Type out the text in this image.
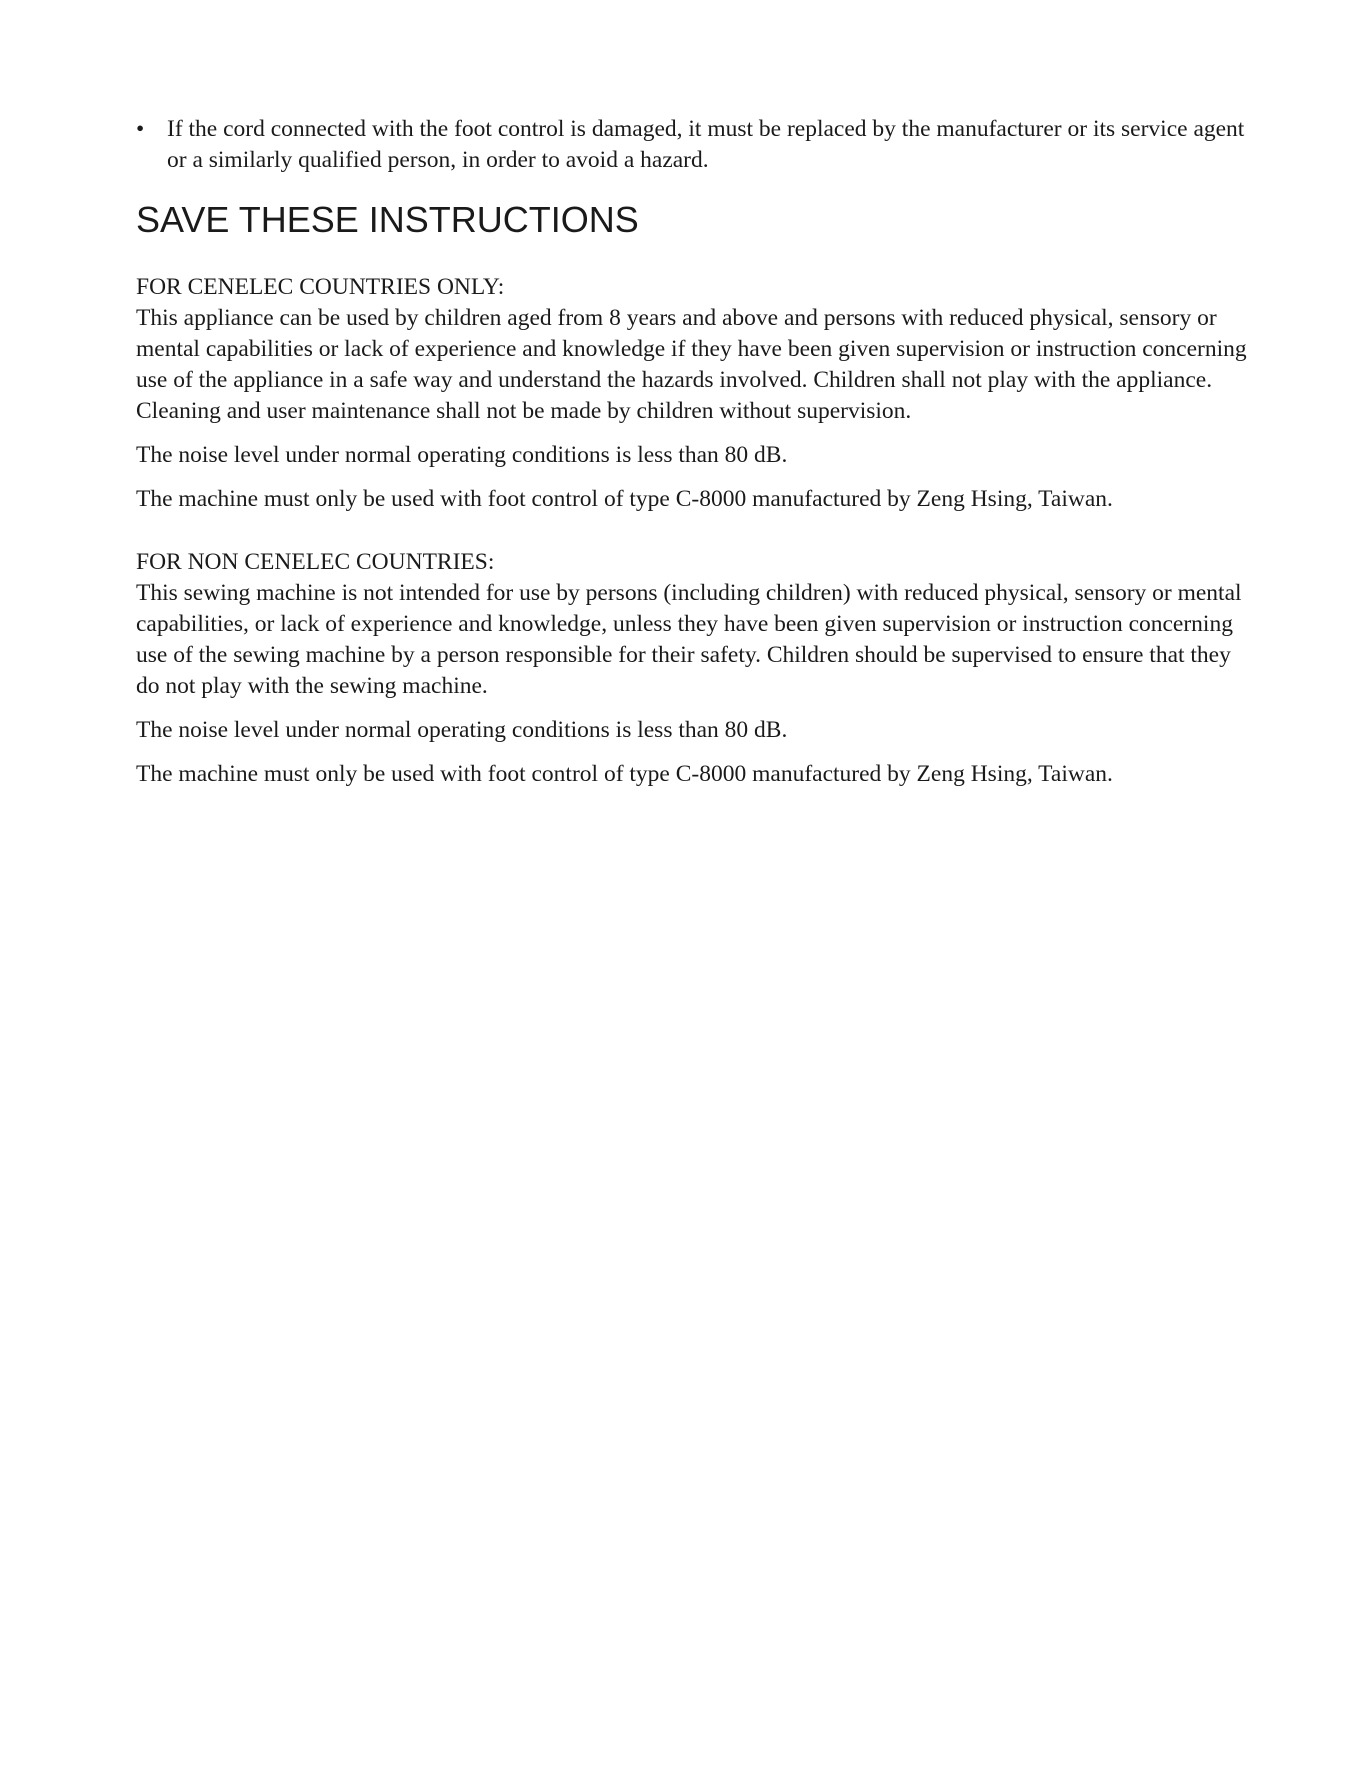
• If the cord connected with the foot control is damaged, it must be replaced by the manufacturer or its service agent or a similarly qualified person, in order to avoid a hazard.

SAVE THESE INSTRUCTIONS

FOR CENELEC COUNTRIES ONLY:

This appliance can be used by children aged from 8 years and above and persons with reduced physical, sensory or mental capabilities or lack of experience and knowledge if they have been given supervision or instruction concerning use of the appliance in a safe way and understand the hazards involved. Children shall not play with the appliance. Cleaning and user maintenance shall not be made by children without supervision.

The noise level under normal operating conditions is less than 80 dB.

The machine must only be used with foot control of type C-8000 manufactured by Zeng Hsing, Taiwan.

FOR NON CENELEC COUNTRIES:

This sewing machine is not intended for use by persons (including children) with reduced physical, sensory or mental capabilities, or lack of experience and knowledge, unless they have been given supervision or instruction concerning use of the sewing machine by a person responsible for their safety. Children should be supervised to ensure that they do not play with the sewing machine.

The noise level under normal operating conditions is less than 80 dB.

The machine must only be used with foot control of type C-8000 manufactured by Zeng Hsing, Taiwan.
